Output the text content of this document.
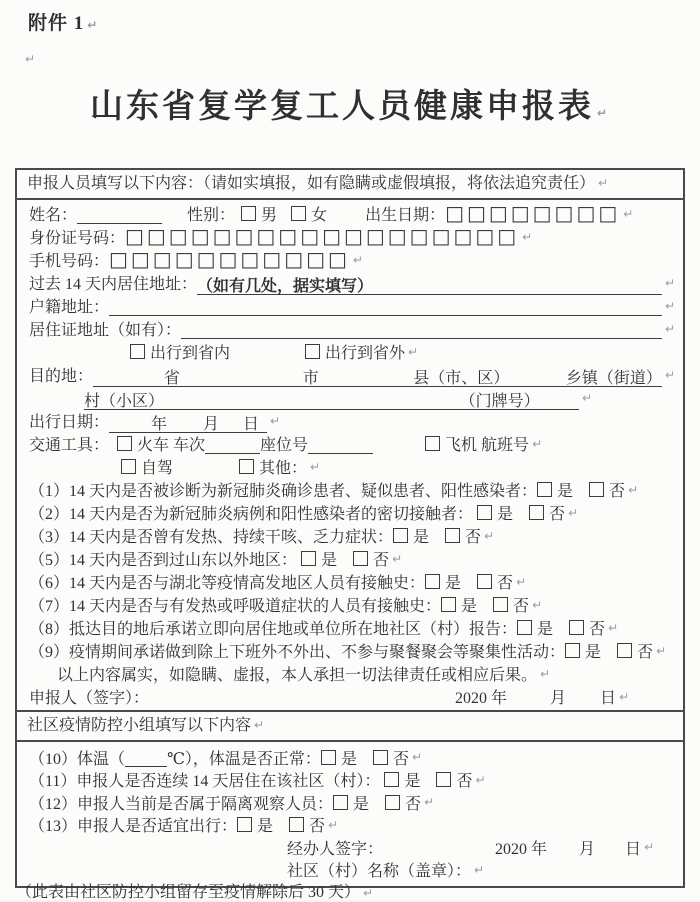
附件 1 ↵
↵
山东省复学复工人员健康申报表 ↵
申报人员填写以下内容：（请如实填报，如有隐瞒或虚假填报，将依法追究责任）
↵
姓名：	性别： 男 女 出生日期： □□□□□□□□
↵
身份证号码： □□□□□□□□□□□□□□□□□□
↵
手机号码： □□□□□□□□□□□
↵
过去 14 天内居住地址： （如有几处，据实填写）
↵
户籍地址：
↵
居住证地址（如有）：
↵
出行到省内	出行到省外
↵
目的地：	省	市	县（市、区）	乡镇（街道）
↵
村（小区）	（门牌号）
↵
出行日期：	年 月 日
↵
交通工具： 火车 车次	座位号	飞机 航班号
↵
自驾	其他：
↵
（1） 14 天内是否被诊断为新冠肺炎确诊患者、疑似患者、阳性感染者： 是 否
↵
（2） 14 天内是否为新冠肺炎病例和阳性感染者的密切接触者： 是 否
↵
（3） 14 天内是否曾有发热、持续干咳、乏力症状： 是 否
↵
（5） 14 天内是否到过山东以外地区： 是 否
↵
（6） 14 天内是否与湖北等疫情高发地区人员有接触史： 是 否
↵
（7） 14 天内是否与有发热或呼吸道症状的人员有接触史： 是 否
↵
（8） 抵达目的地后承诺立即向居住地或单位所在地社区（村）报告： 是 否
↵
（9） 疫情期间承诺做到除上下班外不外出、不参与聚餐聚会等聚集性活动： 是 否
↵
以上内容属实，如隐瞒、虚报，本人承担一切法律责任或相应后果。
↵
申报人（签字）：	2020 年	月 日
↵
社区疫情防控小组填写以下内容
↵
（10） 体温（	℃），体温是否正常： 是 否
↵
（11） 申报人是否连续 14 天居住在该社区（村）： 是 否
↵
（12） 申报人当前是否属于隔离观察人员： 是 否
↵
（13） 申报人是否适宜出行： 是 否
↵
经办人签字：	2020 年 月 日
↵
社区（村）名称（盖章）：
↵
（此表由社区防控小组留存至疫情解除后 30 天） ↵
